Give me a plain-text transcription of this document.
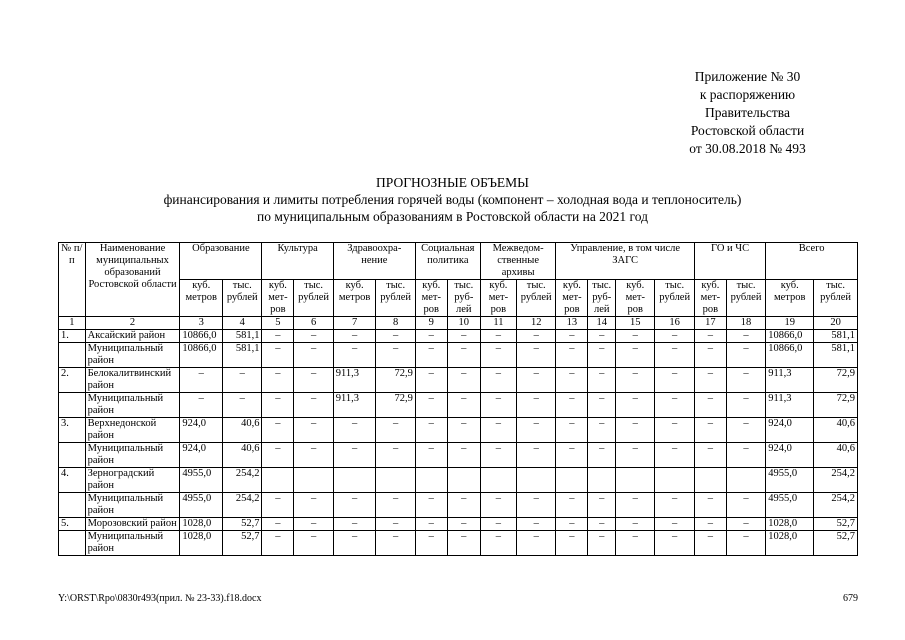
Приложение № 30
к распоряжению
Правительства
Ростовской области
от 30.08.2018 № 493
ПРОГНОЗНЫЕ ОБЪЕМЫ
финансирования и лимиты потребления горячей воды (компонент – холодная вода и теплоноситель)
по муниципальным образованиям в Ростовской области на 2021 год
№ п/п	Наименование муниципальных образований Ростовской области	Образование		Культура		Здравоохра-нение		Социальная политика		Межведом-ственные архивы		Управление, в том числе ЗАГС				ГО и ЧС		Всего	
		куб. метров	тыс. рублей	куб. мет-ров	тыс. рублей	куб. метров	тыс. рублей	куб. мет-ров	тыс. руб-лей	куб. мет-ров	тыс. рублей	куб. мет-ров	тыс. руб-лей	куб. мет-ров	тыс. рублей	куб. мет-ров	тыс. рублей	куб. метров	тыс. рублей
1	2	3	4	5	6	7	8	9	10	11	12	13	14	15	16	17	18	19	20
1.	Аксайский район	10866,0	581,1	–	–	–	–	–	–	–	–	–	–	–	–	–	–	10866,0	581,1
	Муниципальный район	10866,0	581,1	–	–	–	–	–	–	–	–	–	–	–	–	–	–	10866,0	581,1
2.	Белокалитвинский район	–	–	–	–	911,3	72,9	–	–	–	–	–	–	–	–	–	–	911,3	72,9
	Муниципальный район	–	–	–	–	911,3	72,9	–	–	–	–	–	–	–	–	–	–	911,3	72,9
3.	Верхнедонской район	924,0	40,6	–	–	–	–	–	–	–	–	–	–	–	–	–	–	924,0	40,6
	Муниципальный район	924,0	40,6	–	–	–	–	–	–	–	–	–	–	–	–	–	–	924,0	40,6
4.	Зерноградский район	4955,0	254,2															4955,0	254,2
	Муниципальный район	4955,0	254,2	–	–	–	–	–	–	–	–	–	–	–	–	–	–	4955,0	254,2
5.	Морозовский район	1028,0	52,7	–	–	–	–	–	–	–	–	–	–	–	–	–	–	1028,0	52,7
	Муниципальный район	1028,0	52,7	–	–	–	–	–	–	–	–	–	–	–	–	–	–	1028,0	52,7
Y:\ORST\Rpo\0830r493(прил. № 23-33).f18.docx	679
